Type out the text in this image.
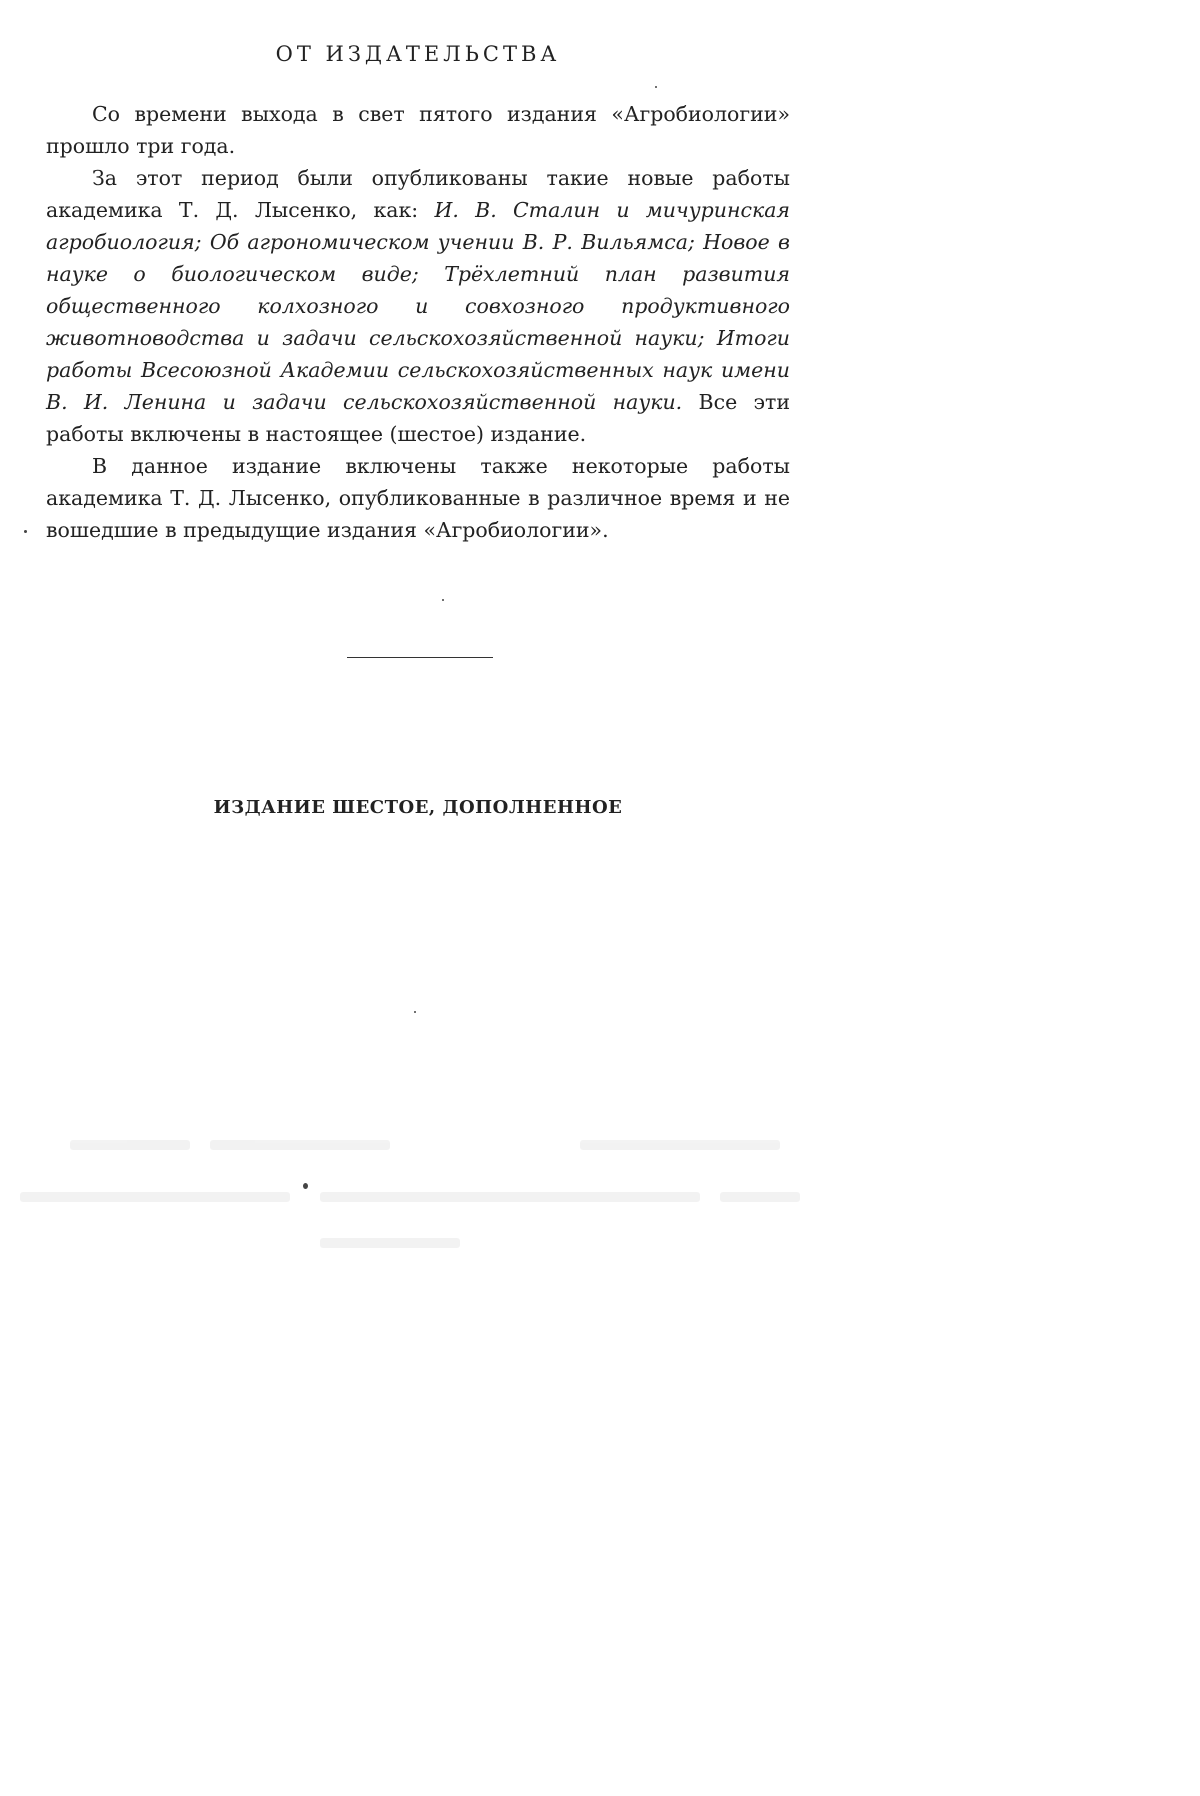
ОТ ИЗДАТЕЛЬСТВА

Со времени выхода в свет пятого издания «Агробиологии» прошло три года.

За этот период были опубликованы такие новые работы академика Т. Д. Лысенко, как: И. В. Сталин и мичуринская агробиология; Об агрономическом учении В. Р. Вильямса; Новое в науке о биологическом виде; Трёхлетний план развития общественного колхозного и совхозного продуктивного животноводства и задачи сельскохозяйственной науки; Итоги работы Всесоюзной Академии сельскохозяйственных наук имени В. И. Ленина и задачи сельскохозяйственной науки. Все эти работы включены в настоящее (шестое) издание.

В данное издание включены также некоторые работы академика Т. Д. Лысенко, опубликованные в различное время и не вошедшие в предыдущие издания «Агробиологии».

ИЗДАНИЕ ШЕСТОЕ, ДОПОЛНЕННОЕ
